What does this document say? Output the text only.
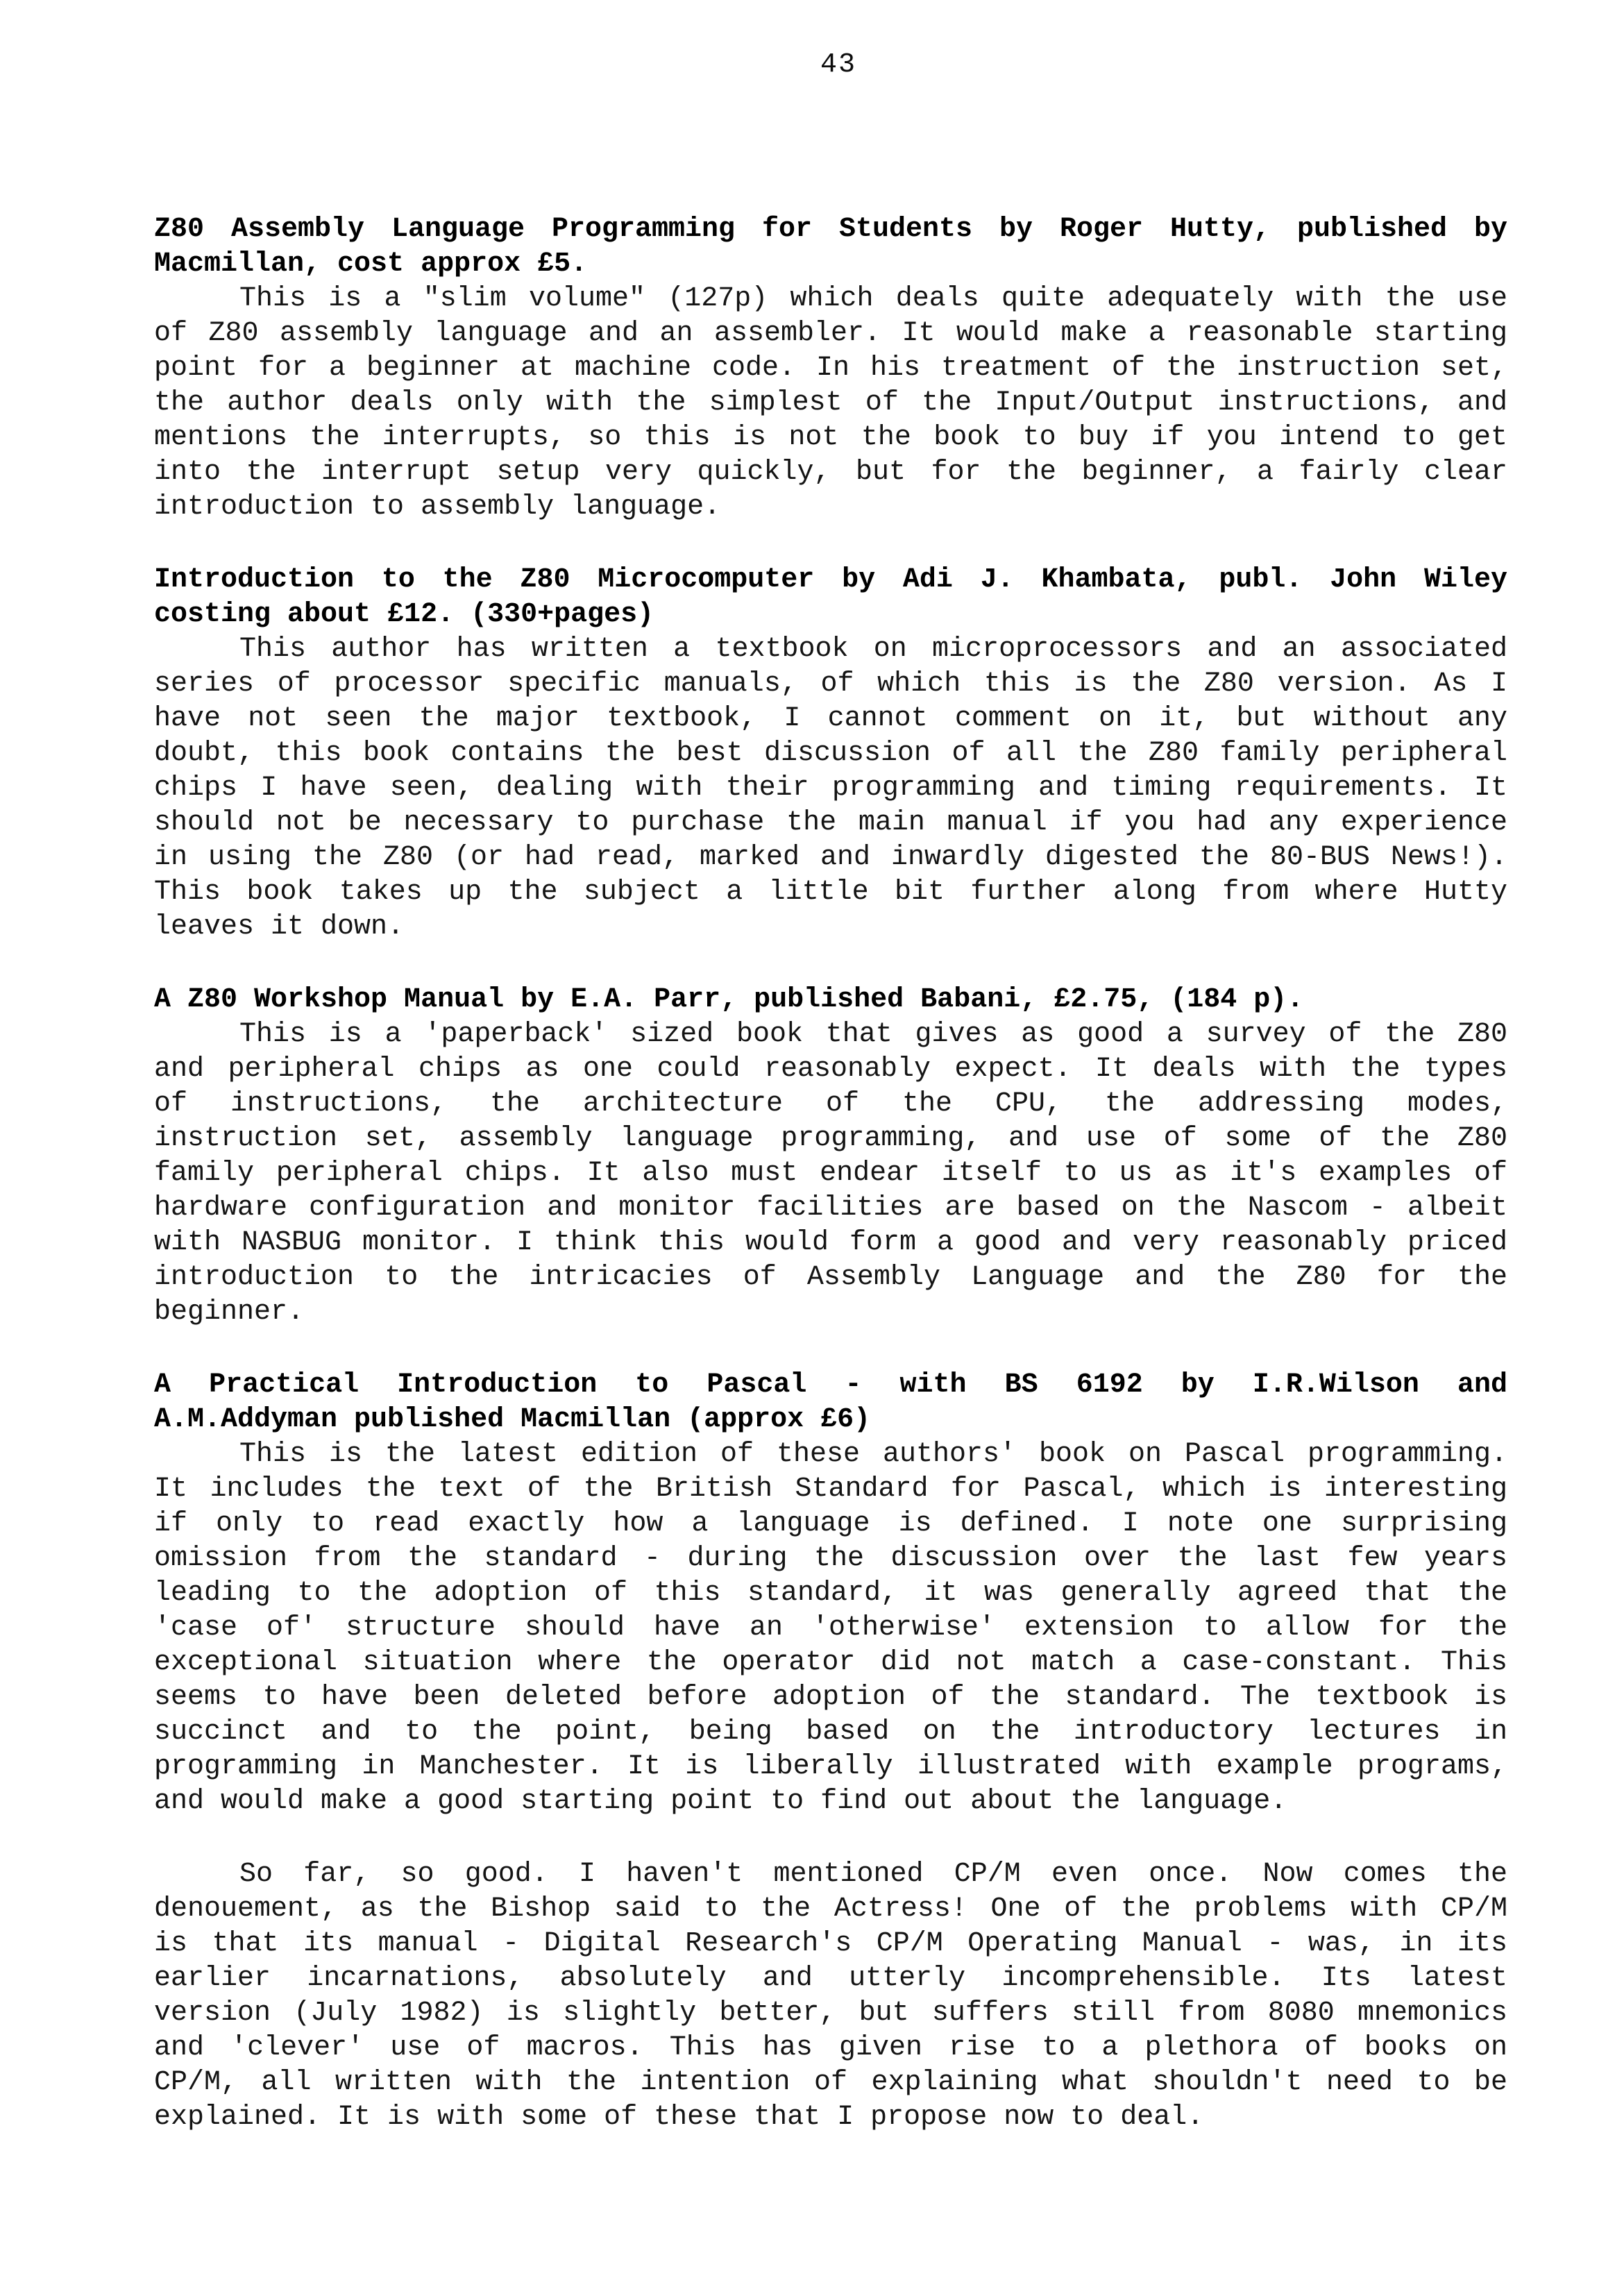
43
Z80 Assembly Language Programming for Students by Roger Hutty, published by
Macmillan, cost approx £5.
This is a "slim volume" (127p) which deals quite adequately with the use
of Z80 assembly language and an assembler. It would make a reasonable starting
point for a beginner at machine code. In his treatment of the instruction set,
the author deals only with the simplest of the Input/Output instructions, and
mentions the interrupts, so this is not the book to buy if you intend to get
into the interrupt setup very quickly, but for the beginner, a fairly clear
introduction to assembly language.
Introduction to the Z80 Microcomputer by Adi J. Khambata, publ. John Wiley
costing about £12. (330+pages)
This author has written a textbook on microprocessors and an associated
series of processor specific manuals, of which this is the Z80 version. As I
have not seen the major textbook, I cannot comment on it, but without any
doubt, this book contains the best discussion of all the Z80 family peripheral
chips I have seen, dealing with their programming and timing requirements. It
should not be necessary to purchase the main manual if you had any experience
in using the Z80 (or had read, marked and inwardly digested the 80-BUS News!).
This book takes up the subject a little bit further along from where Hutty
leaves it down.
A Z80 Workshop Manual by E.A. Parr, published Babani, £2.75, (184 p).
This is a 'paperback' sized book that gives as good a survey of the Z80
and peripheral chips as one could reasonably expect. It deals with the types
of instructions, the architecture of the CPU, the addressing modes,
instruction set, assembly language programming, and use of some of the Z80
family peripheral chips. It also must endear itself to us as it's examples of
hardware configuration and monitor facilities are based on the Nascom - albeit
with NASBUG monitor. I think this would form a good and very reasonably priced
introduction to the intricacies of Assembly Language and the Z80 for the
beginner.
A Practical Introduction to Pascal - with BS 6192 by I.R.Wilson and
A.M.Addyman published Macmillan (approx £6)
This is the latest edition of these authors' book on Pascal programming.
It includes the text of the British Standard for Pascal, which is interesting
if only to read exactly how a language is defined. I note one surprising
omission from the standard - during the discussion over the last few years
leading to the adoption of this standard, it was generally agreed that the
'case of' structure should have an 'otherwise' extension to allow for the
exceptional situation where the operator did not match a case-constant. This
seems to have been deleted before adoption of the standard. The textbook is
succinct and to the point, being based on the introductory lectures in
programming in Manchester. It is liberally illustrated with example programs,
and would make a good starting point to find out about the language.
So far, so good. I haven't mentioned CP/M even once. Now comes the
denouement, as the Bishop said to the Actress! One of the problems with CP/M
is that its manual - Digital Research's CP/M Operating Manual - was, in its
earlier incarnations, absolutely and utterly incomprehensible. Its latest
version (July 1982) is slightly better, but suffers still from 8080 mnemonics
and 'clever' use of macros. This has given rise to a plethora of books on
CP/M, all written with the intention of explaining what shouldn't need to be
explained. It is with some of these that I propose now to deal.
